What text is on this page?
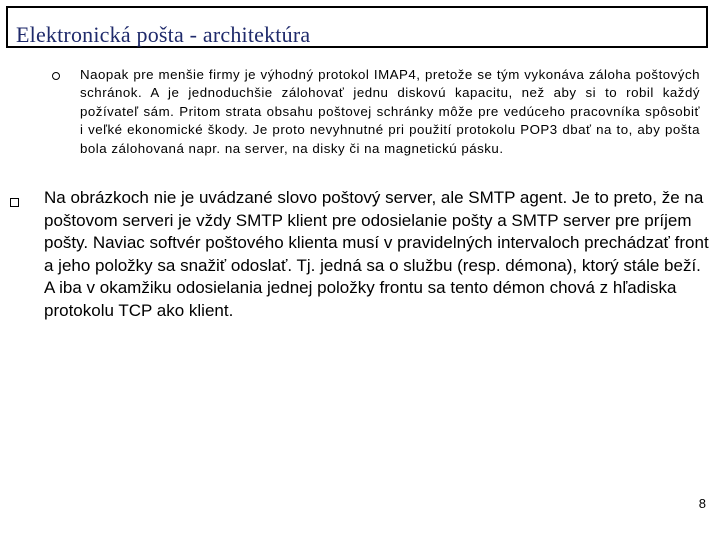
Elektronická pošta - architektúra
Naopak pre menšie firmy je výhodný protokol IMAP4, pretože se tým vykonáva záloha poštových schránok. A je jednoduchšie zálohovať jednu diskovú kapacitu, než aby si to robil každý požívateľ sám. Pritom strata obsahu poštovej schránky môže pre vedúceho pracovníka spôsobiť i veľké ekonomické škody. Je proto nevyhnutné pri použití protokolu POP3 dbať na to, aby pošta bola zálohovaná napr. na server, na disky či na magnetickú pásku.
Na obrázkoch nie je uvádzané slovo poštový server, ale SMTP agent. Je to preto, že na poštovom serveri je vždy SMTP klient pre odosielanie pošty a SMTP server pre príjem pošty. Naviac softvér poštového klienta musí v pravidelných intervaloch prechádzať front a jeho položky sa snažiť odoslať. Tj. jedná sa o službu (resp. démona), ktorý stále beží. A iba v okamžiku odosielania jednej položky frontu sa tento démon chová z hľadiska protokolu TCP ako klient.
8
